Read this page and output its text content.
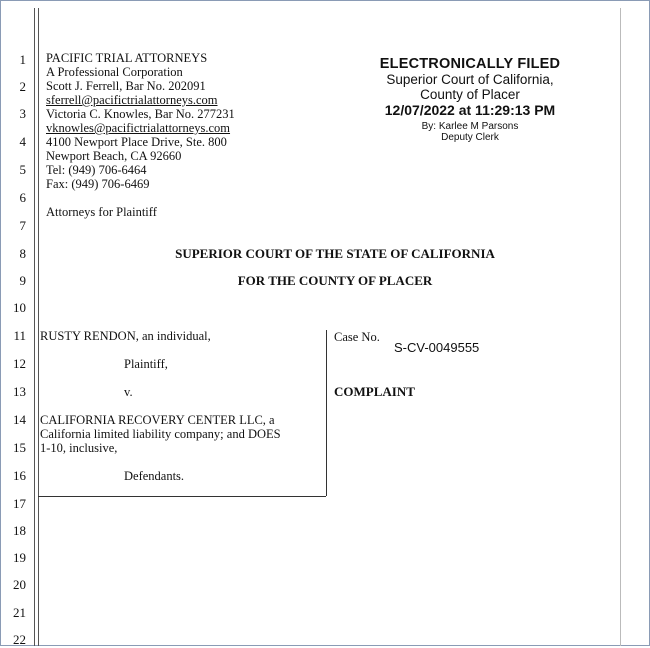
1
2
3
4
5
6
7
8
9
10
11
12
13
14
15
16
17
18
19
20
21
22
PACIFIC TRIAL ATTORNEYS
A Professional Corporation
Scott J. Ferrell, Bar No. 202091
sferrell@pacifictrialattorneys.com
Victoria C. Knowles, Bar No. 277231
vknowles@pacifictrialattorneys.com
4100 Newport Place Drive, Ste. 800
Newport Beach, CA 92660
Tel: (949) 706-6464
Fax: (949) 706-6469
Attorneys for Plaintiff
ELECTRONICALLY FILED
Superior Court of California,
County of Placer
12/07/2022 at 11:29:13 PM
By: Karlee M Parsons
Deputy Clerk
SUPERIOR COURT OF THE STATE OF CALIFORNIA
FOR THE COUNTY OF PLACER
RUSTY RENDON, an individual,
Plaintiff,
v.
CALIFORNIA RECOVERY CENTER LLC, a
California limited liability company; and DOES
1-10, inclusive,
Defendants.
Case No.
S-CV-0049555
COMPLAINT
